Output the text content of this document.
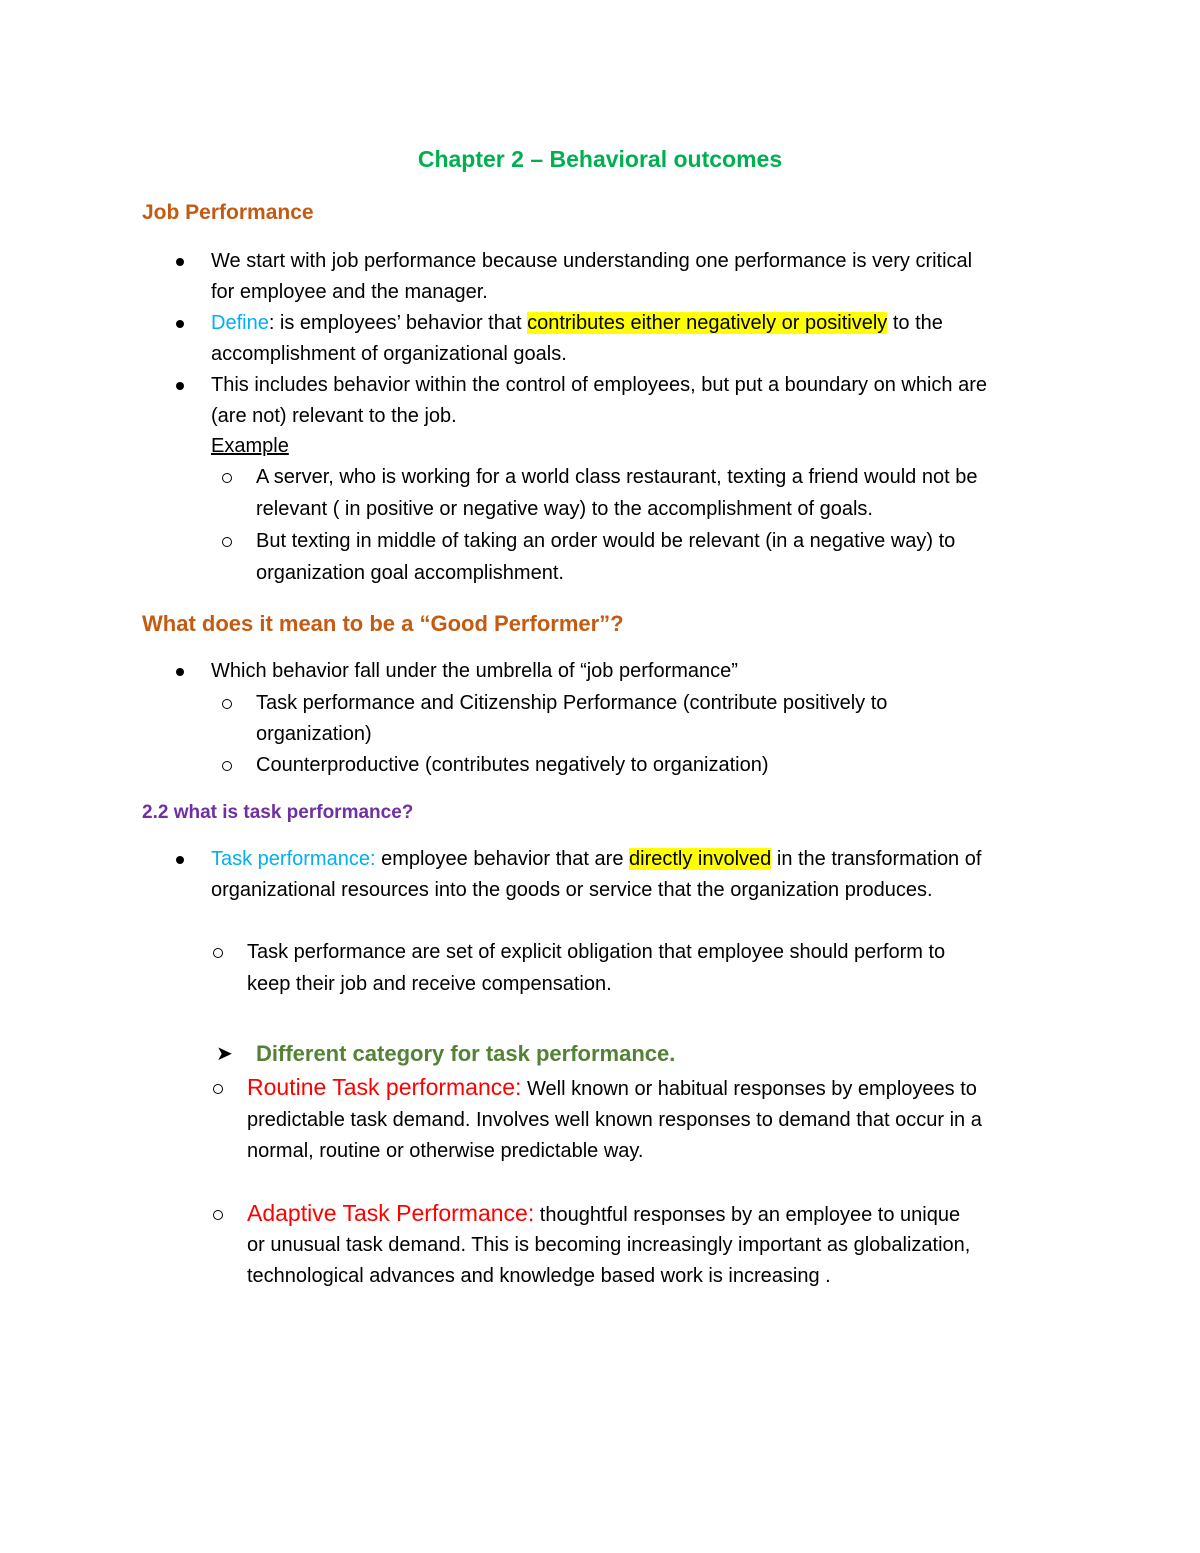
Chapter 2 – Behavioral outcomes
Job Performance
We start with job performance because understanding one performance is very critical
for employee and the manager.
Define: is employees’ behavior that contributes either negatively or positively to the
accomplishment of organizational goals.
This includes behavior within the control of employees, but put a boundary on which are
(are not) relevant to the job.
Example
A server, who is working for a world class restaurant, texting a friend would not be
relevant ( in positive or negative way) to the accomplishment of goals.
But texting in middle of taking an order would be relevant (in a negative way) to
organization goal accomplishment.
What does it mean to be a “Good Performer”?
Which behavior fall under the umbrella of “job performance”
Task performance and Citizenship Performance (contribute positively to
organization)
Counterproductive (contributes negatively to organization)
2.2 what is task performance?
Task performance: employee behavior that are directly involved in the transformation of
organizational resources into the goods or service that the organization produces.
Task performance are set of explicit obligation that employee should perform to
keep their job and receive compensation.
➤ Different category for task performance.
Routine Task performance: Well known or habitual responses by employees to
predictable task demand. Involves well known responses to demand that occur in a
normal, routine or otherwise predictable way.
Adaptive Task Performance: thoughtful responses by an employee to unique
or unusual task demand. This is becoming increasingly important as globalization,
technological advances and knowledge based work is increasing .
